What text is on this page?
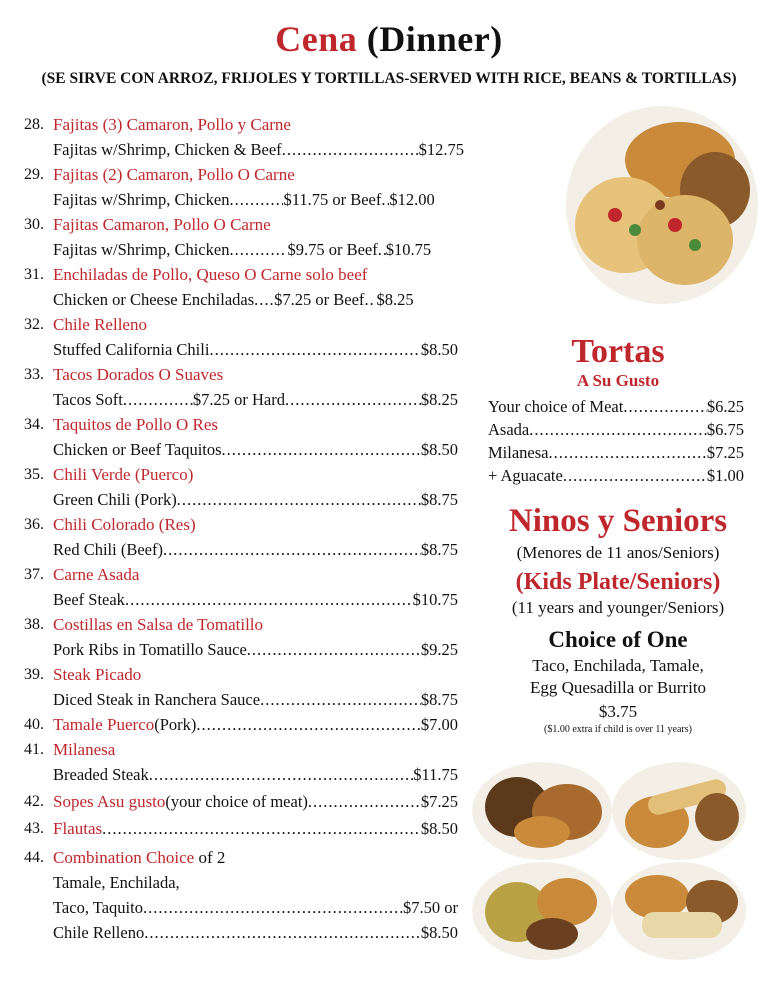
Cena (Dinner)
(SE SIRVE CON ARROZ, FRIJOLES Y TORTILLAS-SERVED WITH RICE, BEANS & TORTILLAS)
28. Fajitas (3) Camaron, Pollo y Carne
Fajitas w/Shrimp, Chicken & Beef .....	$12.75
29. Fajitas (2) Camaron, Pollo O Carne
Fajitas w/Shrimp, Chicken .....	$11.75 or Beef ..... $12.00
30. Fajitas Camaron, Pollo O Carne
Fajitas w/Shrimp, Chicken .....	$9.75 or Beef ..... $10.75
31. Enchiladas de Pollo, Queso O Carne solo beef
Chicken or Cheese Enchiladas ..... $7.25 or Beef ..... $8.25
32. Chile Relleno
Stuffed California Chili .....	$8.50
33. Tacos Dorados O Suaves
Tacos Soft .....	$7.25 or Hard .....	$8.25
34. Taquitos de Pollo O Res
Chicken or Beef Taquitos .....	$8.50
35. Chili Verde (Puerco)
Green Chili (Pork) .....	$8.75
36. Chili Colorado (Res)
Red Chili (Beef) .....	$8.75
37. Carne Asada
Beef Steak .....	$10.75
38. Costillas en Salsa de Tomatillo
Pork Ribs in Tomatillo Sauce .....	$9.25
39. Steak Picado
Diced Steak in Ranchera Sauce .....	$8.75
40. Tamale Puerco (Pork) .....	$7.00
41. Milanesa
Breaded Steak .....	$11.75
42. Sopes Asu gusto (your choice of meat) .....	$7.25
43. Flautas .....	$8.50
44. Combination Choice of 2
Tamale, Enchilada,
Taco, Taquito .....	$7.50 or
Chile Relleno .....	$8.50
Tortas
A Su Gusto
Your choice of Meat .....	$6.25
Asada .....	$6.75
Milanesa .....	$7.25
+ Aguacate .....	$1.00
Ninos y Seniors
(Menores de 11 anos/Seniors)
(Kids Plate/Seniors)
(11 years and younger/Seniors)
Choice of One
Taco, Enchilada, Tamale,
Egg Quesadilla or Burrito
$3.75
($1.00 extra if child is over 11 years)
